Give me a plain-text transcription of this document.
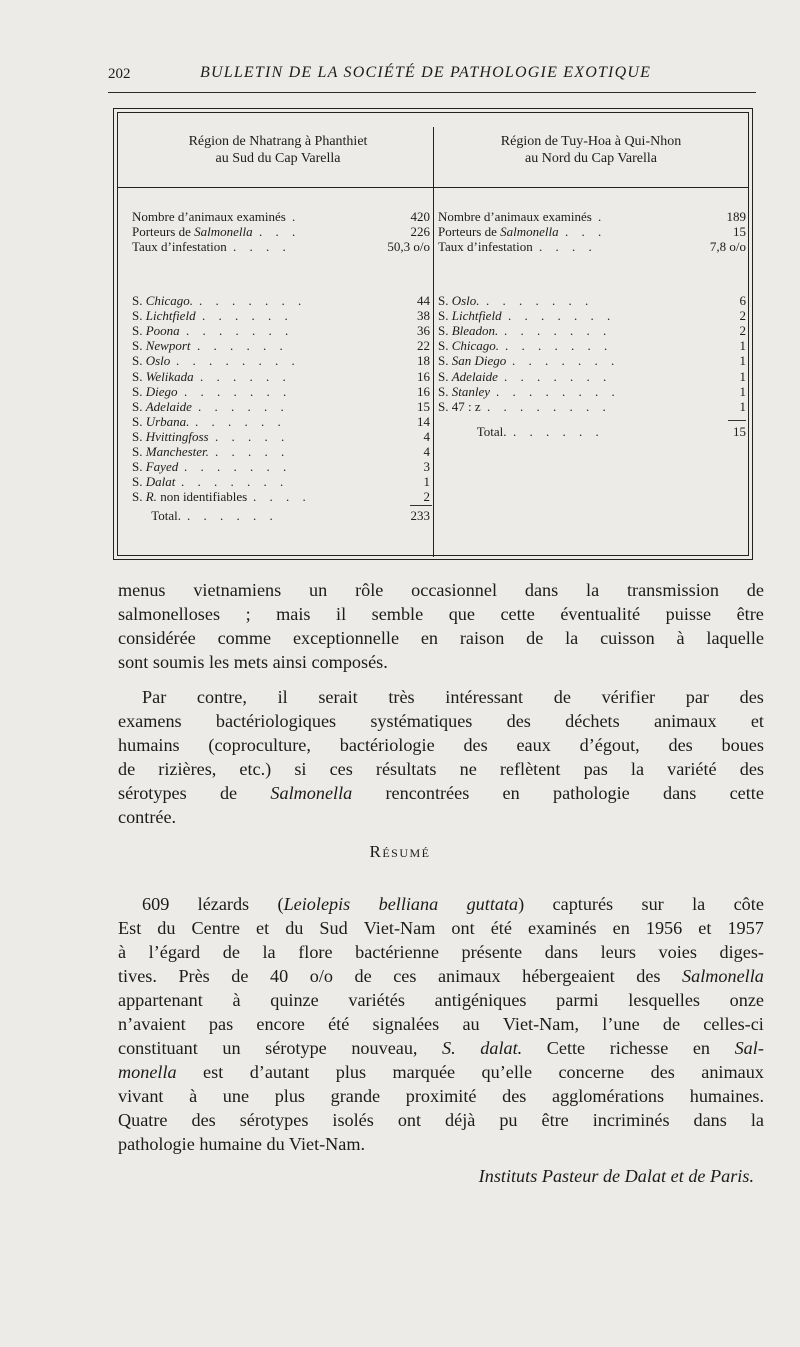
202	BULLETIN DE LA SOCIÉTÉ DE PATHOLOGIE EXOTIQUE
Région de Nhatrang à Phanthiet
au Sud du Cap Varella
Région de Tuy-Hoa à Qui-Nhon
au Nord du Cap Varella
Nombre d’animaux examinés .	420
Porteurs de Salmonella . . .	226
Taux d’infestation . . . .	50,3 o/o
Nombre d’animaux examinés .	189
Porteurs de Salmonella . . .	15
Taux d’infestation . . . .	7,8 o/o
S. Chicago. . . . . . . .	44
S. Lichtfield . . . . . .	38
S. Poona . . . . . . .	36
S. Newport . . . . . .	22
S. Oslo . . . . . . . .	18
S. Welikada . . . . . .	16
S. Diego . . . . . . .	16
S. Adelaide . . . . . .	15
S. Urbana. . . . . . .	14
S. Hvittingfoss . . . . .	4
S. Manchester. . . . . .	4
S. Fayed . . . . . . .	3
S. Dalat . . . . . . .	1
S. R. non identifiables . . . .	2
Total. . . . . . .	233
S. Oslo. . . . . . . .	6
S. Lichtfield . . . . . . .	2
S. Bleadon. . . . . . . .	2
S. Chicago. . . . . . . .	1
S. San Diego . . . . . . .	1
S. Adelaide . . . . . . .	1
S. Stanley . . . . . . . .	1
S. 47 : z . . . . . . . .	1
Total. . . . . . .	15
menus vietnamiens un rôle occasionnel dans la transmission de
salmonelloses ; mais il semble que cette éventualité puisse être
considérée comme exceptionnelle en raison de la cuisson à laquelle
sont soumis les mets ainsi composés.
Par contre, il serait très intéressant de vérifier par des
examens bactériologiques systématiques des déchets animaux et
humains (coproculture, bactériologie des eaux d’égout, des boues
de rizières, etc.) si ces résultats ne reflètent pas la variété des
sérotypes de Salmonella rencontrées en pathologie dans cette
contrée.
Résumé
609 lézards (Leiolepis belliana guttata) capturés sur la côte
Est du Centre et du Sud Viet-Nam ont été examinés en 1956 et 1957
à l’égard de la flore bactérienne présente dans leurs voies diges-
tives. Près de 40 o/o de ces animaux hébergeaient des Salmonella
appartenant à quinze variétés antigéniques parmi lesquelles onze
n’avaient pas encore été signalées au Viet-Nam, l’une de celles-ci
constituant un sérotype nouveau, S. dalat. Cette richesse en Sal-
monella est d’autant plus marquée qu’elle concerne des animaux
vivant à une plus grande proximité des agglomérations humaines.
Quatre des sérotypes isolés ont déjà pu être incriminés dans la
pathologie humaine du Viet-Nam.
Instituts Pasteur de Dalat et de Paris.
